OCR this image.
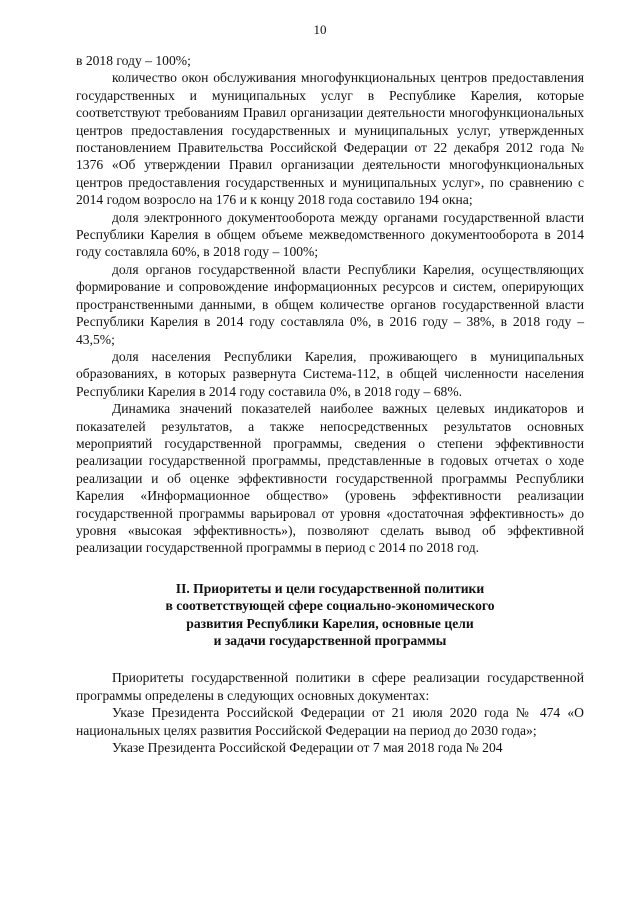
10

в 2018 году – 100%;

количество окон обслуживания многофункциональных центров предоставления государственных и муниципальных услуг в Республике Карелия, которые соответствуют требованиям Правил организации деятельности многофункциональных центров предоставления государственных и муниципальных услуг, утвержденных постановлением Правительства Российской Федерации от 22 декабря 2012 года № 1376 «Об утверждении Правил организации деятельности многофункциональных центров предоставления государственных и муниципальных услуг», по сравнению с 2014 годом возросло на 176 и к концу 2018 года составило 194 окна;

доля электронного документооборота между органами государственной власти Республики Карелия в общем объеме межведомственного документооборота в 2014 году составляла 60%, в 2018 году – 100%;

доля органов государственной власти Республики Карелия, осуществляющих формирование и сопровождение информационных ресурсов и систем, оперирующих пространственными данными, в общем количестве органов государственной власти Республики Карелия в 2014 году составляла 0%, в 2016 году – 38%, в 2018 году – 43,5%;

доля населения Республики Карелия, проживающего в муниципальных образованиях, в которых развернута Система-112, в общей численности населения Республики Карелия в 2014 году составила 0%, в 2018 году – 68%.

Динамика значений показателей наиболее важных целевых индикаторов и показателей результатов, а также непосредственных результатов основных мероприятий государственной программы, сведения о степени эффективности реализации государственной программы, представленные в годовых отчетах о ходе реализации и об оценке эффективности государственной программы Республики Карелия «Информационное общество» (уровень эффективности реализации государственной программы варьировал от уровня «достаточная эффективность» до уровня «высокая эффективность»), позволяют сделать вывод об эффективной реализации государственной программы в период с 2014 по 2018 год.

II. Приоритеты и цели государственной политики
в соответствующей сфере социально-экономического
развития Республики Карелия, основные цели
и задачи государственной программы

Приоритеты государственной политики в сфере реализации государственной программы определены в следующих основных документах:

Указе Президента Российской Федерации от 21 июля 2020 года № 474 «О национальных целях развития Российской Федерации на период до 2030 года»;

Указе Президента Российской Федерации от 7 мая 2018 года № 204
